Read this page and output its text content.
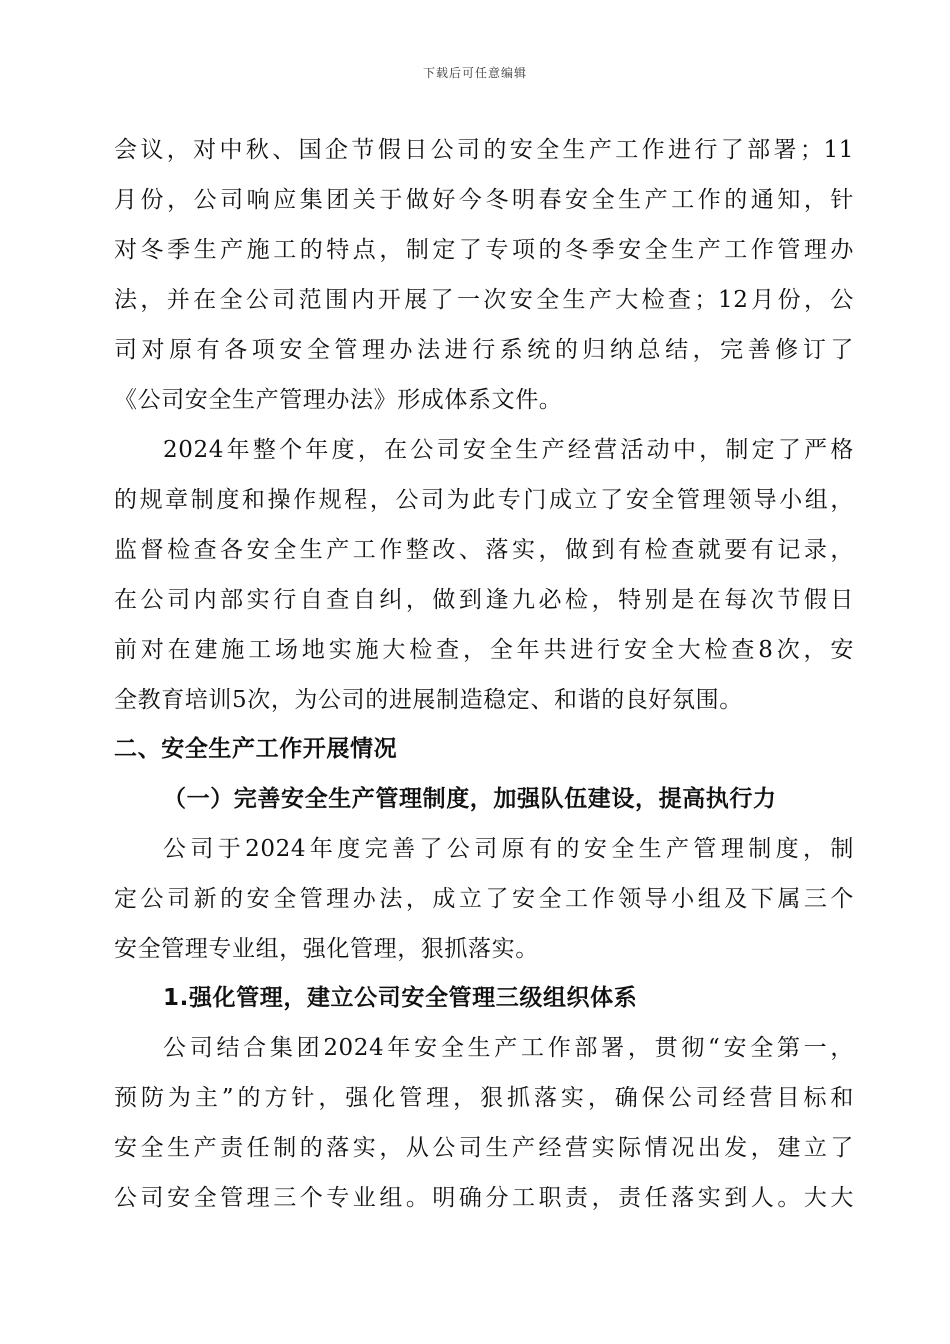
下载后可任意编辑
会议，对中秋、国企节假日公司的安全生产工作进行了部署；11
月份，公司响应集团关于做好今冬明春安全生产工作的通知，针
对冬季生产施工的特点，制定了专项的冬季安全生产工作管理办
法，并在全公司范围内开展了一次安全生产大检查；12月份，公
司对原有各项安全管理办法进行系统的归纳总结，完善修订了
《公司安全生产管理办法》形成体系文件。
2024年整个年度，在公司安全生产经营活动中，制定了严格
的规章制度和操作规程，公司为此专门成立了安全管理领导小组，
监督检查各安全生产工作整改、落实，做到有检查就要有记录，
在公司内部实行自查自纠，做到逢九必检，特别是在每次节假日
前对在建施工场地实施大检查，全年共进行安全大检查8次，安
全教育培训5次，为公司的进展制造稳定、和谐的良好氛围。
二、安全生产工作开展情况
（一）完善安全生产管理制度，加强队伍建设，提高执行力
公司于2024年度完善了公司原有的安全生产管理制度，制
定公司新的安全管理办法，成立了安全工作领导小组及下属三个
安全管理专业组，强化管理，狠抓落实。
1.强化管理，建立公司安全管理三级组织体系
公司结合集团2024年安全生产工作部署，贯彻“安全第一，
预防为主”的方针，强化管理，狠抓落实，确保公司经营目标和
安全生产责任制的落实，从公司生产经营实际情况出发，建立了
公司安全管理三个专业组。明确分工职责，责任落实到人。大大
